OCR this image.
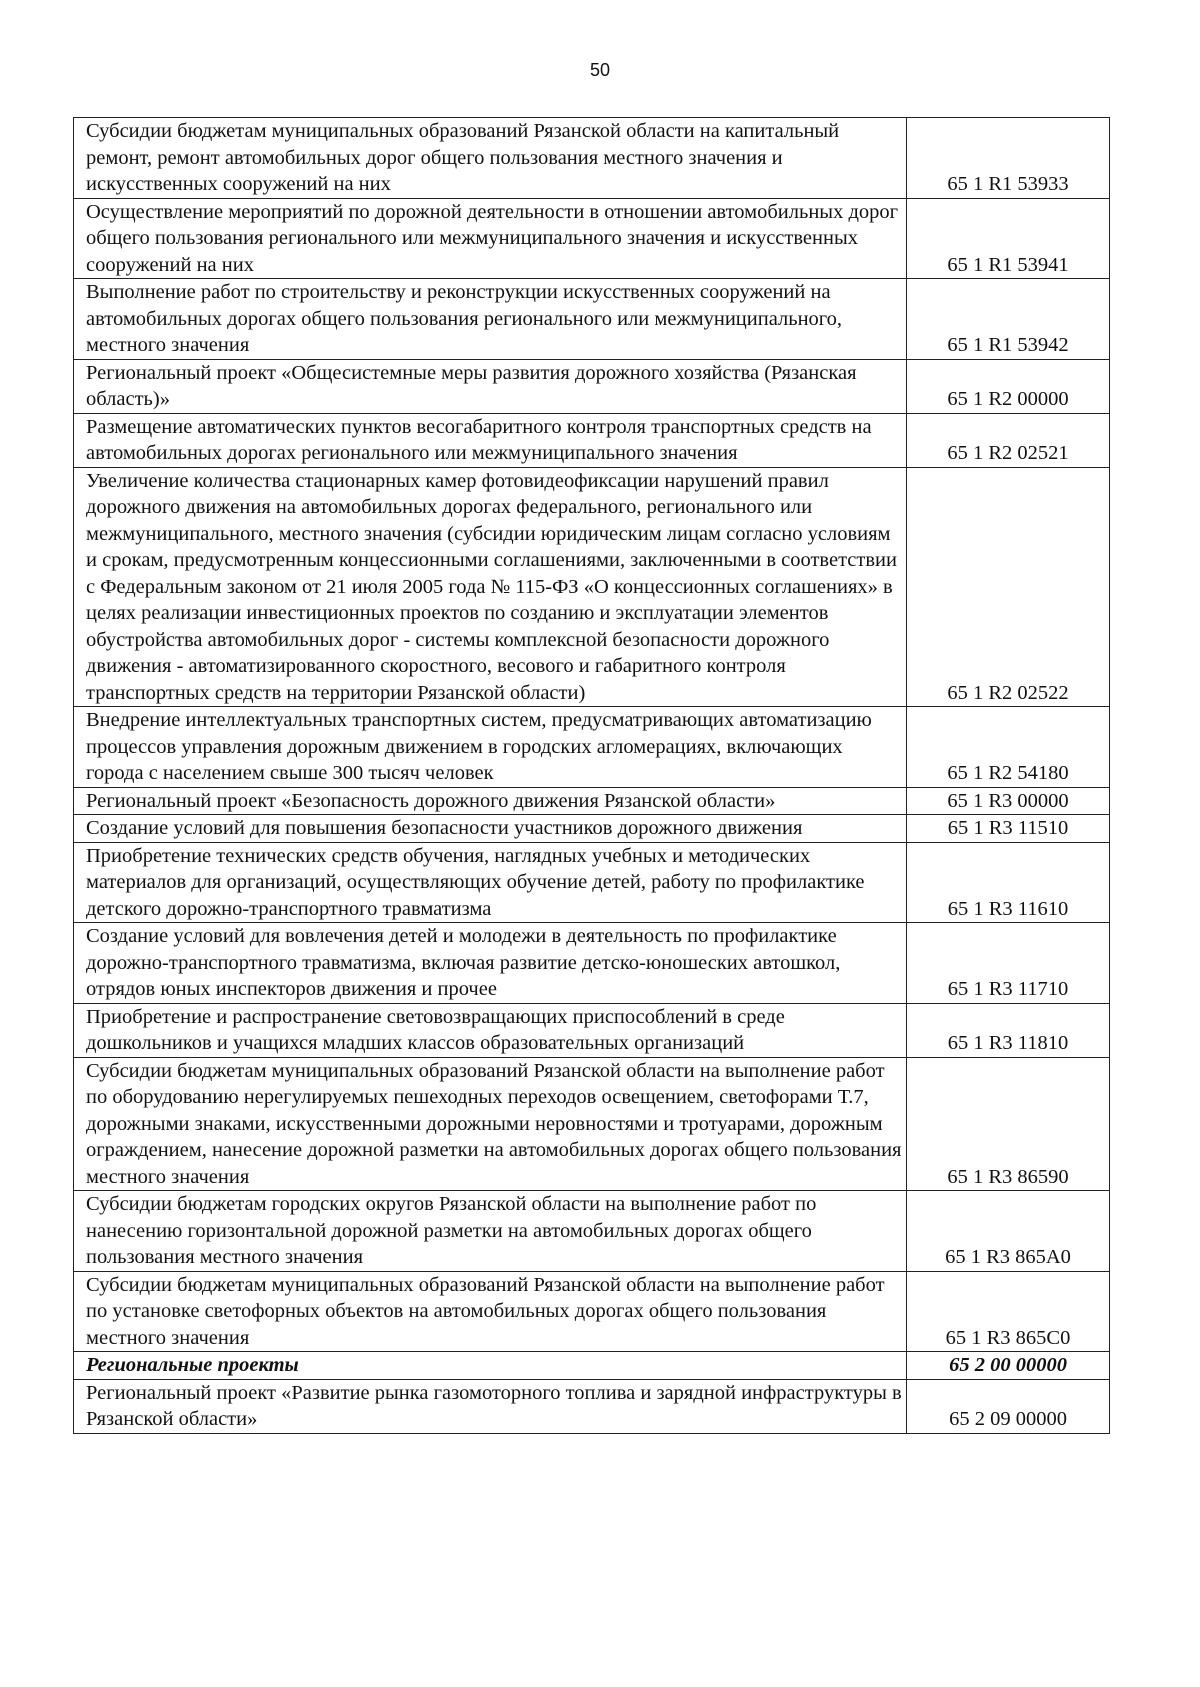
50
Субсидии бюджетам муниципальных образований Рязанской области на капитальный ремонт, ремонт автомобильных дорог общего пользования местного значения и искусственных сооружений на них	65 1 R1 53933
Осуществление мероприятий по дорожной деятельности в отношении автомобильных дорог общего пользования регионального или межмуниципального значения и искусственных сооружений на них	65 1 R1 53941
Выполнение работ по строительству и реконструкции искусственных сооружений на автомобильных дорогах общего пользования регионального или межмуниципального, местного значения	65 1 R1 53942
Региональный проект «Общесистемные меры развития дорожного хозяйства (Рязанская область)»	65 1 R2 00000
Размещение автоматических пунктов весогабаритного контроля транспортных средств на автомобильных дорогах регионального или межмуниципального значения	65 1 R2 02521
Увеличение количества стационарных камер фотовидеофиксации нарушений правил дорожного движения на автомобильных дорогах федерального, регионального или межмуниципального, местного значения (субсидии юридическим лицам согласно условиям и срокам, предусмотренным концессионными соглашениями, заключенными в соответствии с Федеральным законом от 21 июля 2005 года № 115-ФЗ «О концессионных соглашениях» в целях реализации инвестиционных проектов по созданию и эксплуатации элементов обустройства автомобильных дорог - системы комплексной безопасности дорожного движения - автоматизированного скоростного, весового и габаритного контроля транспортных средств на территории Рязанской области)	65 1 R2 02522
Внедрение интеллектуальных транспортных систем, предусматривающих автоматизацию процессов управления дорожным движением в городских агломерациях, включающих города с населением свыше 300 тысяч человек	65 1 R2 54180
Региональный проект «Безопасность дорожного движения Рязанской области»	65 1 R3 00000
Создание условий для повышения безопасности участников дорожного движения	65 1 R3 11510
Приобретение технических средств обучения, наглядных учебных и методических материалов для организаций, осуществляющих обучение детей, работу по профилактике детского дорожно-транспортного травматизма	65 1 R3 11610
Создание условий для вовлечения детей и молодежи в деятельность по профилактике дорожно-транспортного травматизма, включая развитие детско-юношеских автошкол, отрядов юных инспекторов движения и прочее	65 1 R3 11710
Приобретение и распространение световозвращающих приспособлений в среде дошкольников и учащихся младших классов образовательных организаций	65 1 R3 11810
Субсидии бюджетам муниципальных образований Рязанской области на выполнение работ по оборудованию нерегулируемых пешеходных переходов освещением, светофорами Т.7, дорожными знаками, искусственными дорожными неровностями и тротуарами, дорожным ограждением, нанесение дорожной разметки на автомобильных дорогах общего пользования местного значения	65 1 R3 86590
Субсидии бюджетам городских округов Рязанской области на выполнение работ по нанесению горизонтальной дорожной разметки на автомобильных дорогах общего пользования местного значения	65 1 R3 865A0
Субсидии бюджетам муниципальных образований Рязанской области на выполнение работ по установке светофорных объектов на автомобильных дорогах общего пользования местного значения	65 1 R3 865C0
Региональные проекты	65 2 00 00000
Региональный проект «Развитие рынка газомоторного топлива и зарядной инфраструктуры в Рязанской области»	65 2 09 00000
